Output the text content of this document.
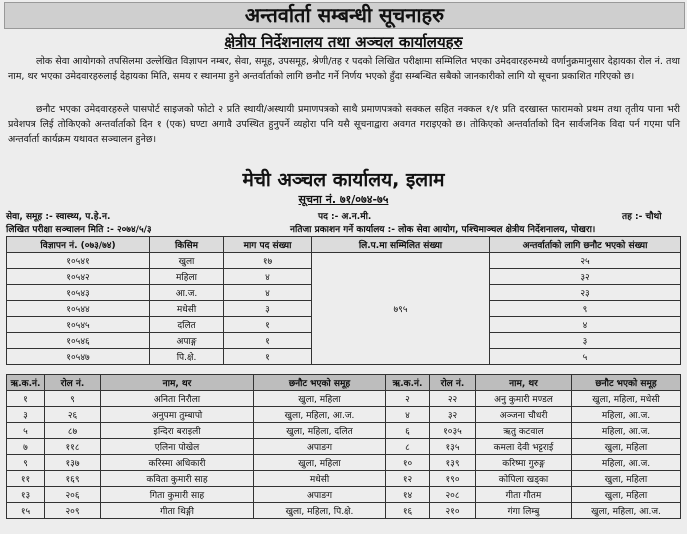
अन्तर्वार्ता सम्बन्धी सूचनाहरु
क्षेत्रीय निर्देशनालय तथा अञ्चल कार्यालयहरु
लोक सेवा आयोगको तपसिलमा उल्लेखित विज्ञापन नम्बर, सेवा, समूह, उपसमूह, श्रेणी/तह र पदको लिखित परीक्षामा सम्मिलित भएका उमेदवारहरुमध्ये वर्णानुक्रमानुसार देहायका रोल नं. तथा नाम, थर भएका उमेदवारहरुलाई देहायका मिति, समय र स्थानमा हुने अन्तर्वार्ताको लागि छनौट गर्ने निर्णय भएको हुँदा सम्बन्धित सबैको जानकारीको लागि यो सूचना प्रकाशित गरिएको छ।
छनौट भएका उमेदवारहरुले पासपोर्ट साइजको फोटो २ प्रति स्थायी/अस्थायी प्रमाणपत्रको साथै प्रमाणपत्रको सक्कल सहित नक्कल १/१ प्रति दरखास्त फारामको प्रथम तथा तृतीय पाना भरी प्रवेशपत्र लिई तोकिएको अन्तर्वार्ताको दिन १ (एक) घण्टा अगावै उपस्थित हुनुपर्ने व्यहोरा पनि यसै सूचनाद्वारा अवगत गराइएको छ। तोकिएको अन्तर्वार्ताको दिन सार्वजनिक विदा पर्न गएमा पनि अन्तर्वार्ता कार्यक्रम यथावत सञ्चालन हुनेछ।
मेची अञ्चल कार्यालय, इलाम
सूचना नं. ७१/०७४-७५
सेवा, समूह :- स्वास्थ्य, प.हे.न.	पद :- अ.न.मी.	तह :- चौथो
लिखित परीक्षा सञ्चालन मिति :- २०७४/५/३	नतिजा प्रकाशन गर्ने कार्यालय :- लोक सेवा आयोग, पश्चिमाञ्चल क्षेत्रीय निर्देशनालय, पोखरा।
विज्ञापन नं. (०७३/७४)	किसिम	माग पद संख्या	लि.प.मा सम्मिलित संख्या	अन्तर्वार्ताको लागि छनौट भएको संख्या
१०५४१	खुला	१७	७९५	२५
१०५४२	महिला	४		३२
१०५४३	आ.ज.	४		२३
१०५४४	मधेसी	३		९
१०५४५	दलित	१		४
१०५४६	अपाङ्ग	१		३
१०५४७	पि.क्षे.	१		५
ऋ.क.नं.	रोल नं.	नाम, थर	छनौट भएको समूह	ऋ.क.नं.	रोल नं.	नाम, थर	छनौट भएको समूह
१	९	अनिता निरौला	खुला, महिला	२	२२	अनु कुमारी मण्डल	खुला, महिला, मधेसी
३	२६	अनुपमा तुम्बापो	खुला, महिला, आ.ज.	४	३२	अञ्जना चौधरी	महिला, आ.ज.
५	८७	इन्दिरा बराइली	खुला, महिला, दलित	६	१०३५	ऋतु कटवाल	महिला, आ.ज.
७	११८	एलिना पोखेल	अपाङग	८	१३५	कमला देवी भट्टराई	खुला, महिला
९	१३७	करिस्मा अधिकारी	खुला, महिला	१०	१३९	करिष्मा गुरुङ्ग	महिला, आ.ज.
११	१६९	कविता कुमारी साह	मधेसी	१२	१९०	कोपिला खड्का	खुला, महिला
१३	२०६	गिता कुमारी साह	अपाङग	१४	२०८	गीता गौतम	खुला, महिला
१५	२०९	गीता थिङ्गी	खुला, महिला, पि.क्षे.	१६	२१०	गंगा लिम्बु	खुला, महिला, आ.ज.
